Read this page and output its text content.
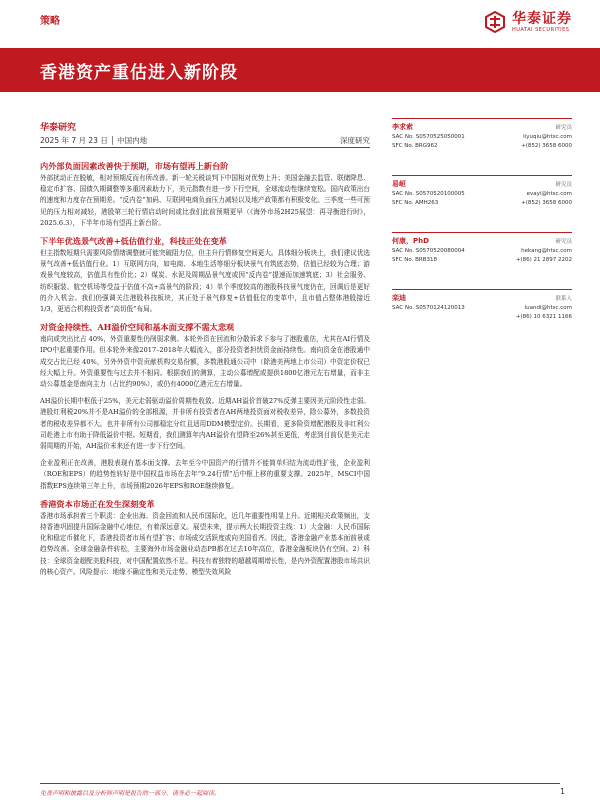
策略	华泰证券
HUATAI SECURITIES
香港资产重估进入新阶段
华泰研究
2025 年 7 月 23 日 │ 中国内地	深度研究
内外部负面因素改善快于预期，市场有望再上新台阶
外部扰动正在脱敏，相对预期反而有所改善。新一轮关税谈判下中国相对优势上升；美国金融去监管、联储降息、稳定币扩容、国债久期调整等多重因素助力下，美元指数有进一步下行空间，全球流动性继续宽松。国内政策出台的速度和力度存在预期差。“反内卷”加码、互联网电商负面压力减轻以及地产政策都有积极变化。三季度一些可预见的压力相对减轻，港股第三轮行情启动时间或比我们此前预期更早（《海外市场2H25展望：再寻衡进行时》，2025.6.3），下半年市场有望再上新台阶。
下半年优选景气改善+低估值行业，科技正处在变革
但主指数短期只需要风险情绪调整就可能突破阻力位，但主升行情修复空间更大。具体细分板块上，我们建议优选景气改善+低估值行业。1）互联网方向，如电商、本地生活等细分板块景气有筑底态势，估值已经较为合理；游戏景气度较高，估值具有性价比；2）煤炭、水泥及周期品景气度或因“反内卷”提速而加速筑底；3）社会服务、纺织服装、航空机场等受益于估值不高+高景气的阶段；4）单个季度较高的港股科技景气度仍在，回调后是更好的介入机会。我们仍强调关注港股科技板块，其正处于景气修复+估值低位的变革中，且市值占整体港股接近1/3，更适合机构投资者“高切低”布局。
对资金持续性、AH溢价空间和基本面支撑不需太悲观
南向或突出比占 40%，外资重要性仍削弱求侧。本轮外资在回流和分散诉求下参与了港股重估，尤其在AI行情及IPO中起重要作用。但本轮外来像2017–2018年大幅流入，部分投资者担忧资金面持续性。南向资金在港股通中成交占比已经 40%，另外外资中资贡献机构交易份额，多数港股通公司中（除港美两地上市公司）中资定价权已经大幅上升。外资重要性与过去并不相同。根据我们的测算，主动公募增配或提供1800亿港元左右增量，而非主动公募基金是南向主力（占比约90%），或仍有4000亿港元左右增量。
AH溢价长期中枢低于25%，美元走弱驱动溢价周期性收敛。近期AH溢价首破27%反弹主要因美元阶段性走弱。港股红利税20%并不是AH溢价的全部根源，并非所有投资者在AH两地投资面对税收差异，除公募外，多数投资者的税收差异都不大。也并非所有公司都稳定分红且适用DDM模型定价。长期看，更多险资增配港股及非红利公司赴港上市有助于降低溢价中枢。短期看，我们测算年内AH溢价有望降至26%甚至更低，考虑到目前仅是美元走弱周期的开始，AH溢价未来还有进一步下行空间。
企业盈利正在改善，港股表现有基本面支撑。去年至今中国资产的行情并不能简单归结为流动性扩张，企业盈利（ROE和EPS）的趋势性转好是中国权益市场在去年“9.24行情”后中枢上移的重要支撑。2025年，MSCI中国指数EPS连续第三年上升，市场预期2026年EPS和ROE继续修复。
香港资本市场正在发生深刻变革
香港市场承担着三个职责：企业出海、资金回流和人民币国际化，近几年重要性明显上升。近期相关政策频出，支持香港巩固提升国际金融中心地位，有着深远意义。展望未来，提示两大长期投资主线：1）大金融：人民币国际化和稳定币催化下，香港投资者市场有望扩容；市场成交活跃度或向美国看齐。因此，香港金融产业基本面前景或趋势改善。全球金融条件转松，主要海外市场金融业动态PB都在过去10年高位，香港金融板块仍有空间。2）科技：全球资金超配美股科技，对中国配置依然不足。科技有着独特的超越周期增长性，是内外资配置港股市场共识的核心资产。风险提示：地缘不确定性和美元走势、模型失效风险
李求索	研究员
SAC No. S0570525050001	liyuqiu@htsc.com
SFC No. BRG962	+(852) 3658 6000
易峘	研究员
SAC No. S0570520100005	evayi@htsc.com
SFC No. AMH263	+(852) 3658 6000
何康，PhD	研究员
SAC No. S0570520080004	hekang@htsc.com
SFC No. BRB318	+(86) 21 2897 2202
栾迪	联系人
SAC No. S0570124120013	luandi@htsc.com
+(86) 10 6321 1166
免责声明和披露以及分析师声明是报告的一部分，请务必一起阅读。	1
